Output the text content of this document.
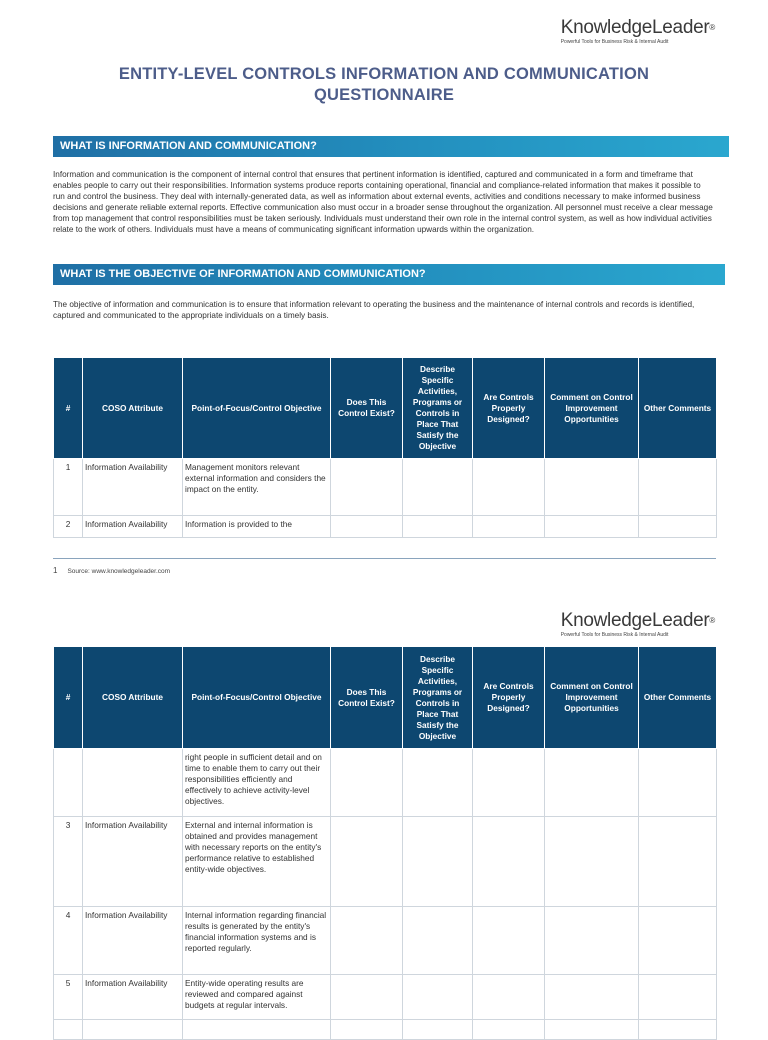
KnowledgeLeader®
Powerful Tools for Business Risk & Internal Audit
ENTITY-LEVEL CONTROLS INFORMATION AND COMMUNICATION
QUESTIONNAIRE
WHAT IS INFORMATION AND COMMUNICATION?
Information and communication is the component of internal control that ensures that pertinent information is identified, captured and communicated in a form and timeframe that enables people to carry out their responsibilities. Information systems produce reports containing operational, financial and compliance-related information that makes it possible to run and control the business. They deal with internally-generated data, as well as information about external events, activities and conditions necessary to make informed business decisions and generate reliable external reports. Effective communication also must occur in a broader sense throughout the organization. All personnel must receive a clear message from top management that control responsibilities must be taken seriously. Individuals must understand their own role in the internal control system, as well as how individual activities relate to the work of others. Individuals must have a means of communicating significant information upwards within the organization.
WHAT IS THE OBJECTIVE OF INFORMATION AND COMMUNICATION?
The objective of information and communication is to ensure that information relevant to operating the business and the maintenance of internal controls and records is identified, captured and communicated to the appropriate individuals on a timely basis.
#	COSO Attribute	Point-of-Focus/Control Objective	Does This Control Exist?	Describe Specific Activities, Programs or Controls in Place That Satisfy the Objective	Are Controls Properly Designed?	Comment on Control Improvement Opportunities	Other Comments
1	Information Availability	Management monitors relevant external information and considers the impact on the entity.					
2	Information Availability	Information is provided to the					
1 Source: www.knowledgeleader.com
KnowledgeLeader®
Powerful Tools for Business Risk & Internal Audit
#	COSO Attribute	Point-of-Focus/Control Objective	Does This Control Exist?	Describe Specific Activities, Programs or Controls in Place That Satisfy the Objective	Are Controls Properly Designed?	Comment on Control Improvement Opportunities	Other Comments
		right people in sufficient detail and on time to enable them to carry out their responsibilities efficiently and effectively to achieve activity-level objectives.					
3	Information Availability	External and internal information is obtained and provides management with necessary reports on the entity's performance relative to established entity-wide objectives.					
4	Information Availability	Internal information regarding financial results is generated by the entity's financial information systems and is reported regularly.					
5	Information Availability	Entity-wide operating results are reviewed and compared against budgets at regular intervals.					
